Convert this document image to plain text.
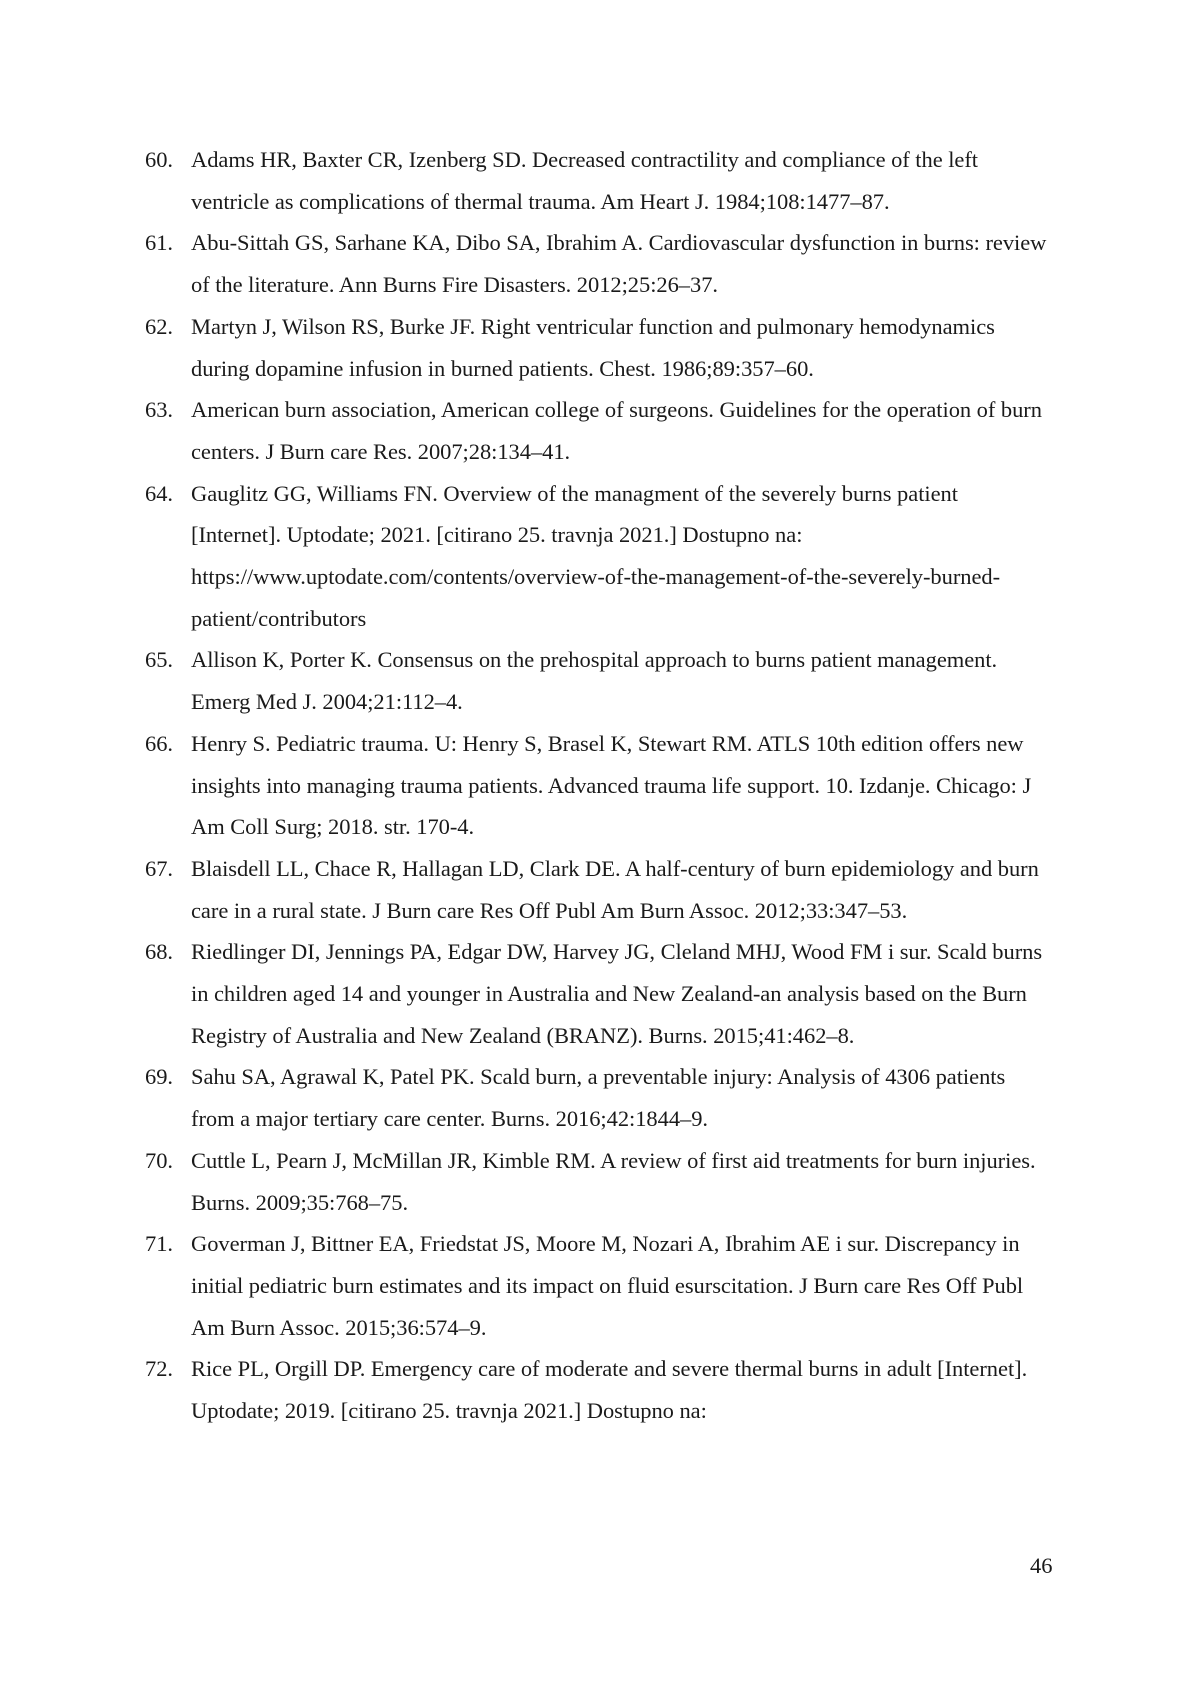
60. Adams HR, Baxter CR, Izenberg SD. Decreased contractility and compliance of the left ventricle as complications of thermal trauma. Am Heart J. 1984;108:1477–87.
61. Abu-Sittah GS, Sarhane KA, Dibo SA, Ibrahim A. Cardiovascular dysfunction in burns: review of the literature. Ann Burns Fire Disasters. 2012;25:26–37.
62. Martyn J, Wilson RS, Burke JF. Right ventricular function and pulmonary hemodynamics during dopamine infusion in burned patients. Chest. 1986;89:357–60.
63. American burn association, American college of surgeons. Guidelines for the operation of burn centers. J Burn care Res. 2007;28:134–41.
64. Gauglitz GG, Williams FN. Overview of the managment of the severely burns patient [Internet]. Uptodate; 2021. [citirano 25. travnja 2021.] Dostupno na: https://www.uptodate.com/contents/overview-of-the-management-of-the-severely-burned-patient/contributors
65. Allison K, Porter K. Consensus on the prehospital approach to burns patient management. Emerg Med J. 2004;21:112–4.
66. Henry S. Pediatric trauma. U: Henry S, Brasel K, Stewart RM. ATLS 10th edition offers new insights into managing trauma patients. Advanced trauma life support. 10. Izdanje. Chicago: J Am Coll Surg; 2018. str. 170-4.
67. Blaisdell LL, Chace R, Hallagan LD, Clark DE. A half-century of burn epidemiology and burn care in a rural state. J Burn care Res Off Publ Am Burn Assoc. 2012;33:347–53.
68. Riedlinger DI, Jennings PA, Edgar DW, Harvey JG, Cleland MHJ, Wood FM i sur. Scald burns in children aged 14 and younger in Australia and New Zealand-an analysis based on the Burn Registry of Australia and New Zealand (BRANZ). Burns. 2015;41:462–8.
69. Sahu SA, Agrawal K, Patel PK. Scald burn, a preventable injury: Analysis of 4306 patients from a major tertiary care center. Burns. 2016;42:1844–9.
70. Cuttle L, Pearn J, McMillan JR, Kimble RM. A review of first aid treatments for burn injuries. Burns. 2009;35:768–75.
71. Goverman J, Bittner EA, Friedstat JS, Moore M, Nozari A, Ibrahim AE i sur. Discrepancy in initial pediatric burn estimates and its impact on fluid esurscitation. J Burn care Res Off Publ Am Burn Assoc. 2015;36:574–9.
72. Rice PL, Orgill DP. Emergency care of moderate and severe thermal burns in adult [Internet]. Uptodate; 2019. [citirano 25. travnja 2021.] Dostupno na:
46
